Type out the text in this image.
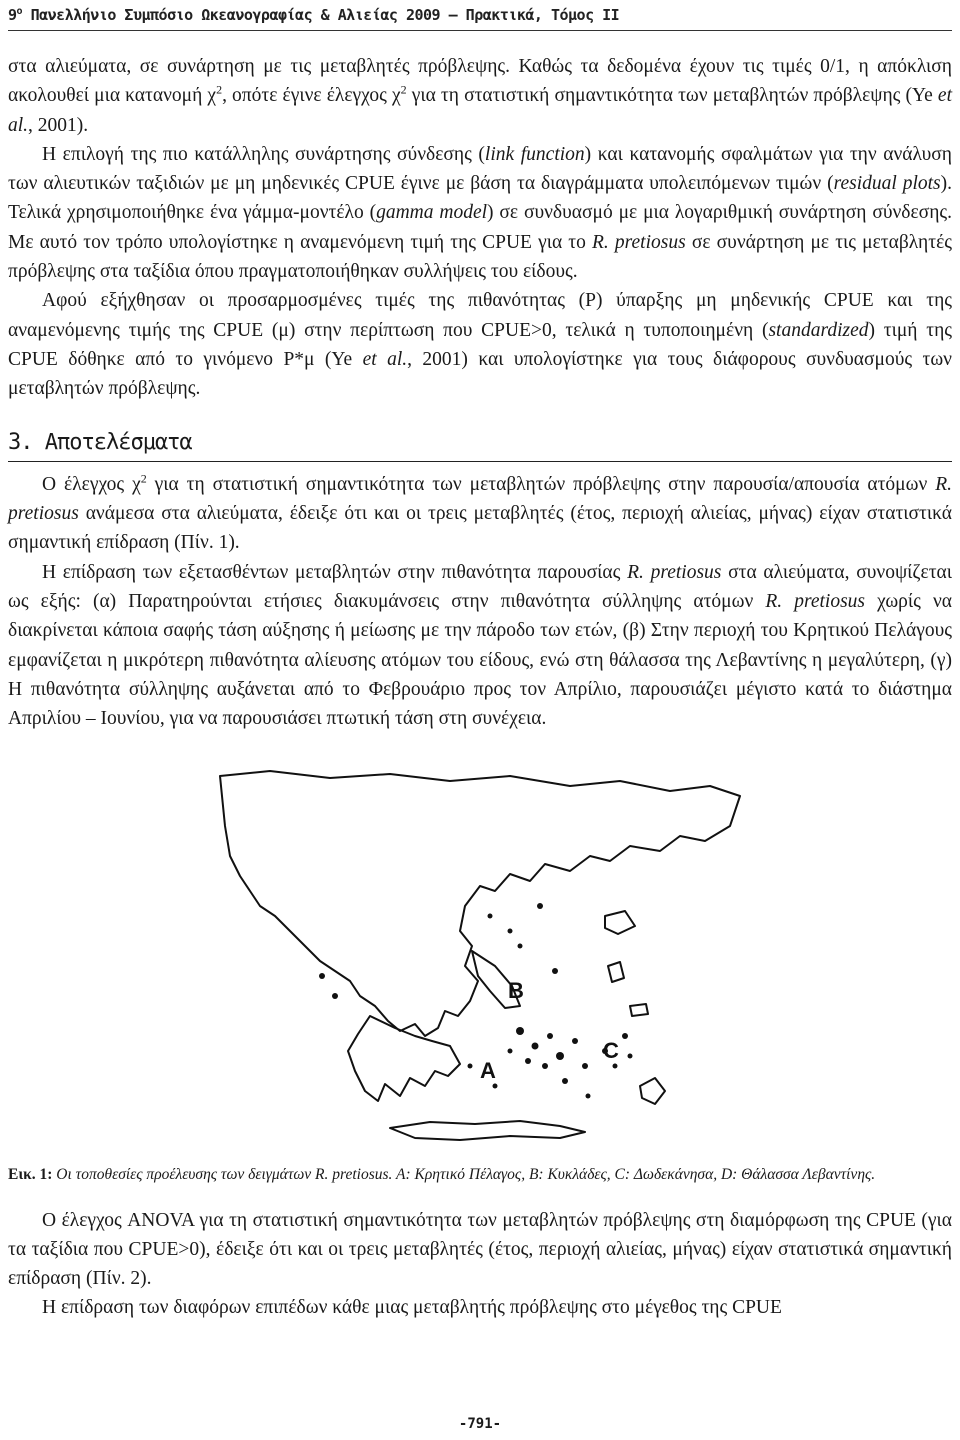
$9^o$ Πανελλήνιο Συμπόσιο Ωκεανογραφίας & Αλιείας 2009 – Πρακτικά, Τόμος ΙΙ

στα αλιεύματα, σε συνάρτηση με τις μεταβλητές πρόβλεψης. Καθώς τα δεδομένα έχουν τις τιμές 0/1, η απόκλιση ακολουθεί μια κατανομή $\chi^2$, οπότε έγινε έλεγχος $\chi^2$ για τη στατιστική σημαντικότητα των μεταβλητών πρόβλεψης (Ye et al., 2001).

Η επιλογή της πιο κατάλληλης συνάρτησης σύνδεσης (link function) και κατανομής σφαλμάτων για την ανάλυση των αλιευτικών ταξιδιών με μη μηδενικές CPUE έγινε με βάση τα διαγράμματα υπολειπόμενων τιμών (residual plots). Τελικά χρησιμοποιήθηκε ένα γάμμα-μοντέλο (gamma model) σε συνδυασμό με μια λογαριθμική συνάρτηση σύνδεσης. Με αυτό τον τρόπο υπολογίστηκε η αναμενόμενη τιμή της CPUE για το R. pretiosus σε συνάρτηση με τις μεταβλητές πρόβλεψης στα ταξίδια όπου πραγματοποιήθηκαν συλλήψεις του είδους.

Αφού εξήχθησαν οι προσαρμοσμένες τιμές της πιθανότητας (P) ύπαρξης μη μηδενικής CPUE και της αναμενόμενης τιμής της CPUE (μ) στην περίπτωση που CPUE>0, τελικά η τυποποιημένη (standardized) τιμή της CPUE δόθηκε από το γινόμενο P*μ (Ye et al., 2001) και υπολογίστηκε για τους διάφορους συνδυασμούς των μεταβλητών πρόβλεψης.

3. Αποτελέσματα

Ο έλεγχος $\chi^2$ για τη στατιστική σημαντικότητα των μεταβλητών πρόβλεψης στην παρουσία/απουσία ατόμων R. pretiosus ανάμεσα στα αλιεύματα, έδειξε ότι και οι τρεις μεταβλητές (έτος, περιοχή αλιείας, μήνας) είχαν στατιστικά σημαντική επίδραση (Πίν. 1).

Η επίδραση των εξετασθέντων μεταβλητών στην πιθανότητα παρουσίας R. pretiosus στα αλιεύματα, συνοψίζεται ως εξής: (α) Παρατηρούνται ετήσιες διακυμάνσεις στην πιθανότητα σύλληψης ατόμων R. pretiosus χωρίς να διακρίνεται κάποια σαφής τάση αύξησης ή μείωσης με την πάροδο των ετών, (β) Στην περιοχή του Κρητικού Πελάγους εμφανίζεται η μικρότερη πιθανότητα αλίευσης ατόμων του είδους, ενώ στη θάλασσα της Λεβαντίνης η μεγαλύτερη, (γ) Η πιθανότητα σύλληψης αυξάνεται από το Φεβρουάριο προς τον Απρίλιο, παρουσιάζει μέγιστο κατά το διάστημα Απριλίου – Ιουνίου, για να παρουσιάσει πτωτική τάση στη συνέχεια.

B
A
C
Εικ. 1: Οι τοποθεσίες προέλευσης των δειγμάτων R. pretiosus. A: Κρητικό Πέλαγος, B: Κυκλάδες, C: Δωδεκάνησα, D: Θάλασσα Λεβαντίνης.

Ο έλεγχος ANOVA για τη στατιστική σημαντικότητα των μεταβλητών πρόβλεψης στη διαμόρφωση της CPUE (για τα ταξίδια που CPUE>0), έδειξε ότι και οι τρεις μεταβλητές (έτος, περιοχή αλιείας, μήνας) είχαν στατιστικά σημαντική επίδραση (Πίν. 2).

Η επίδραση των διαφόρων επιπέδων κάθε μιας μεταβλητής πρόβλεψης στο μέγεθος της CPUE

-791-
